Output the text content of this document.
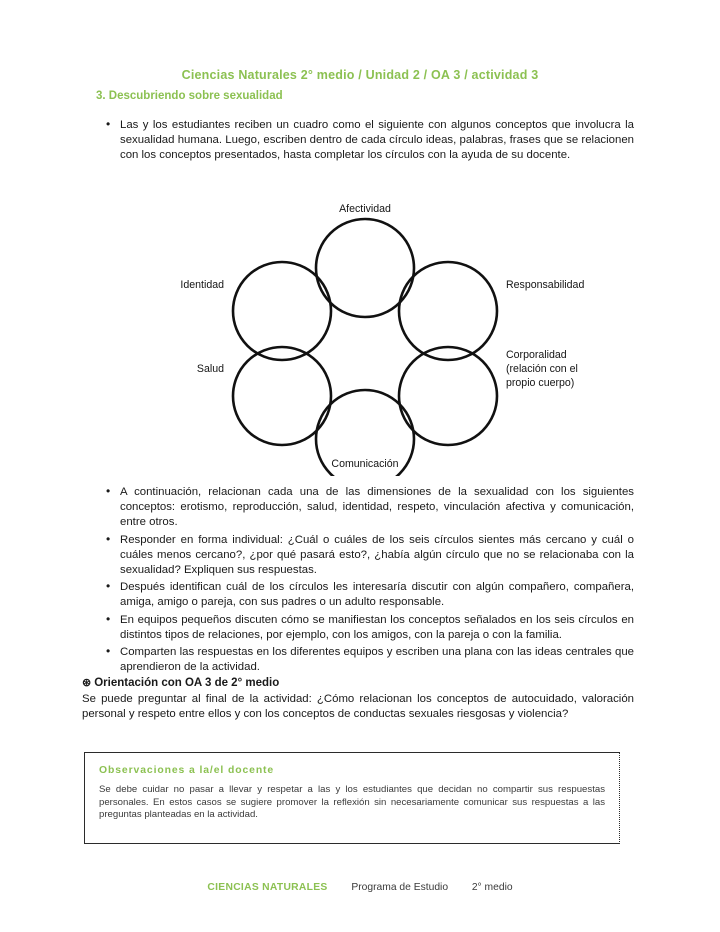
Ciencias Naturales 2° medio / Unidad 2 / OA 3 / actividad 3
3. Descubriendo sobre sexualidad
• Las y los estudiantes reciben un cuadro como el siguiente con algunos conceptos que involucra la sexualidad humana. Luego, escriben dentro de cada círculo ideas, palabras, frases que se relacionen con los conceptos presentados, hasta completar los círculos con la ayuda de su docente.
Afectividad
Identidad	Responsabilidad
Salud
Corporalidad
(relación con el
propio cuerpo)
Comunicación
• A continuación, relacionan cada una de las dimensiones de la sexualidad con los siguientes conceptos: erotismo, reproducción, salud, identidad, respeto, vinculación afectiva y comunicación, entre otros.
• Responder en forma individual: ¿Cuál o cuáles de los seis círculos sientes más cercano y cuál o cuáles menos cercano?, ¿por qué pasará esto?, ¿había algún círculo que no se relacionaba con la sexualidad? Expliquen sus respuestas.
• Después identifican cuál de los círculos les interesaría discutir con algún compañero, compañera, amiga, amigo o pareja, con sus padres o un adulto responsable.
• En equipos pequeños discuten cómo se manifiestan los conceptos señalados en los seis círculos en distintos tipos de relaciones, por ejemplo, con los amigos, con la pareja o con la familia.
• Comparten las respuestas en los diferentes equipos y escriben una plana con las ideas centrales que aprendieron de la actividad.
⊛ Orientación con OA 3 de 2° medio
Se puede preguntar al final de la actividad: ¿Cómo relacionan los conceptos de autocuidado, valoración personal y respeto entre ellos y con los conceptos de conductas sexuales riesgosas y violencia?
Observaciones a la/el docente
Se debe cuidar no pasar a llevar y respetar a las y los estudiantes que decidan no compartir sus respuestas personales. En estos casos se sugiere promover la reflexión sin necesariamente comunicar sus respuestas a las preguntas planteadas en la actividad.
CIENCIAS NATURALES Programa de Estudio 2° medio
